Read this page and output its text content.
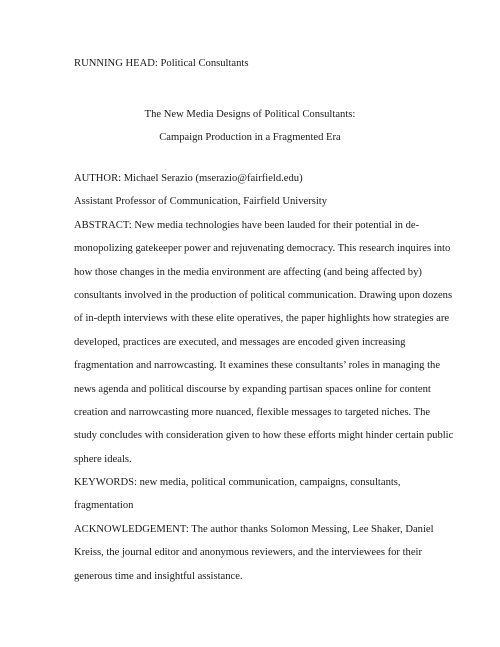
RUNNING HEAD: Political Consultants

The New Media Designs of Political Consultants:

Campaign Production in a Fragmented Era

AUTHOR: Michael Serazio (mserazio@fairfield.edu)

Assistant Professor of Communication, Fairfield University

ABSTRACT: New media technologies have been lauded for their potential in de-

monopolizing gatekeeper power and rejuvenating democracy. This research inquires into

how those changes in the media environment are affecting (and being affected by)

consultants involved in the production of political communication. Drawing upon dozens

of in-depth interviews with these elite operatives, the paper highlights how strategies are

developed, practices are executed, and messages are encoded given increasing

fragmentation and narrowcasting. It examines these consultants’ roles in managing the

news agenda and political discourse by expanding partisan spaces online for content

creation and narrowcasting more nuanced, flexible messages to targeted niches. The

study concludes with consideration given to how these efforts might hinder certain public

sphere ideals.

KEYWORDS: new media, political communication, campaigns, consultants,

fragmentation

ACKNOWLEDGEMENT: The author thanks Solomon Messing, Lee Shaker, Daniel

Kreiss, the journal editor and anonymous reviewers, and the interviewees for their

generous time and insightful assistance.
